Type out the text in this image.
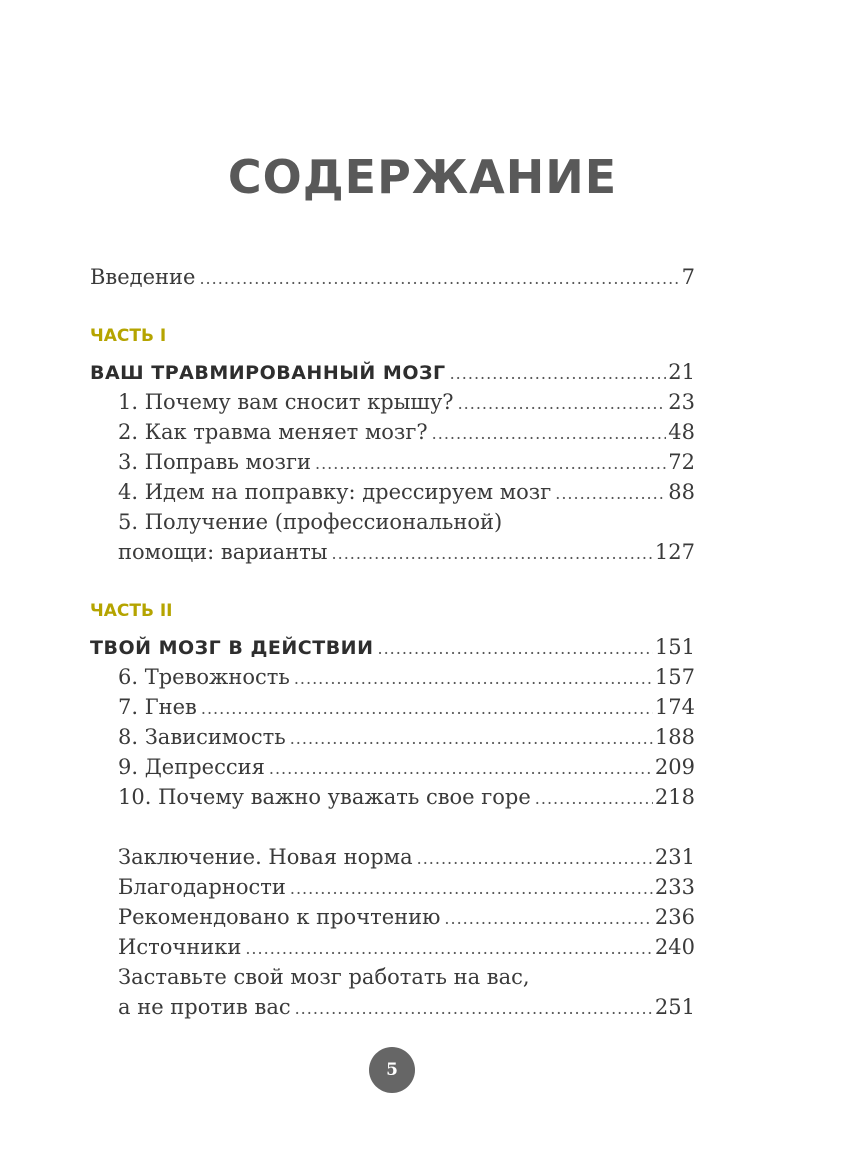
СОДЕРЖАНИЕ
Введение .....	7
ЧАСТЬ I
ВАШ ТРАВМИРОВАННЫЙ МОЗГ .....	21
1. Почему вам сносит крышу? .....	23
2. Как травма меняет мозг? .....	48
3. Поправь мозги .....	72
4. Идем на поправку: дрессируем мозг .....	88
5. Получение (профессиональной)
помощи: варианты .....	127
ЧАСТЬ II
ТВОЙ МОЗГ В ДЕЙСТВИИ .....	151
6. Тревожность .....	157
7. Гнев .....	174
8. Зависимость .....	188
9. Депрессия .....	209
10. Почему важно уважать свое горе .....	218
Заключение. Новая норма .....	231
Благодарности .....	233
Рекомендовано к прочтению .....	236
Источники .....	240
Заставьте свой мозг работать на вас,
а не против вас .....	251
5
